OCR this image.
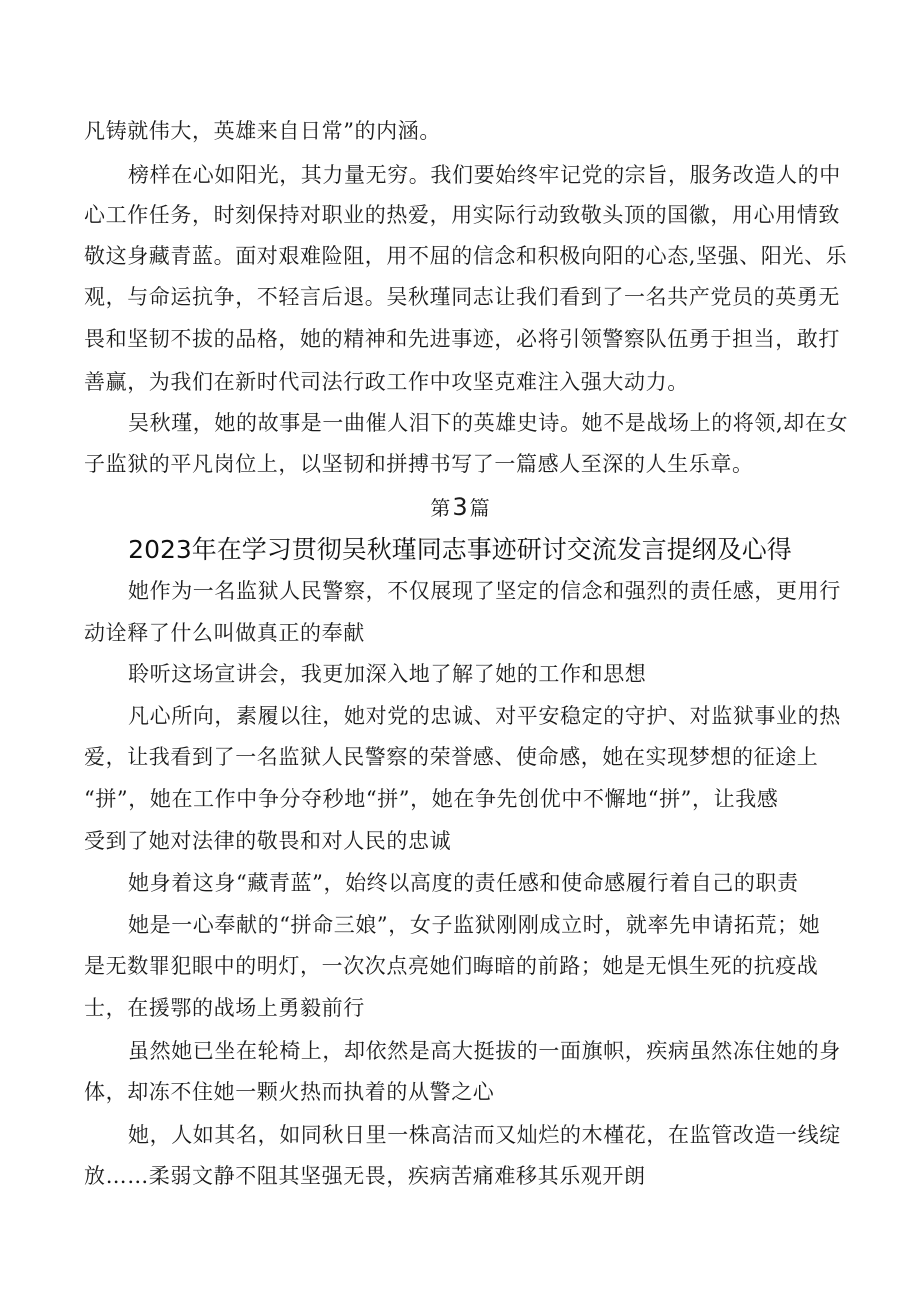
凡铸就伟大，英雄来自日常”的内涵。
榜样在心如阳光，其力量无穷。我们要始终牢记党的宗旨，服务改造人的中
心工作任务，时刻保持对职业的热爱，用实际行动致敬头顶的国徽，用心用情致
敬这身藏青蓝。面对艰难险阻，用不屈的信念和积极向阳的心态,坚强、阳光、乐
观，与命运抗争，不轻言后退。吴秋瑾同志让我们看到了一名共产党员的英勇无
畏和坚韧不拔的品格，她的精神和先进事迹，必将引领警察队伍勇于担当，敢打
善赢，为我们在新时代司法行政工作中攻坚克难注入强大动力。
吴秋瑾，她的故事是一曲催人泪下的英雄史诗。她不是战场上的将领,却在女
子监狱的平凡岗位上，以坚韧和拼搏书写了一篇感人至深的人生乐章。
第3 篇
2023年在学习贯彻吴秋瑾同志事迹研讨交流发言提纲及心得
她作为一名监狱人民警察，不仅展现了坚定的信念和强烈的责任感，更用行
动诠释了什么叫做真正的奉献
聆听这场宣讲会，我更加深入地了解了她的工作和思想
凡心所向，素履以往，她对党的忠诚、对平安稳定的守护、对监狱事业的热
爱，让我看到了一名监狱人民警察的荣誉感、使命感，她在实现梦想的征途上
“拼”，她在工作中争分夺秒地“拼”，她在争先创优中不懈地“拼”，让我感
受到了她对法律的敬畏和对人民的忠诚
她身着这身“藏青蓝”，始终以高度的责任感和使命感履行着自己的职责
她是一心奉献的“拼命三娘”，女子监狱刚刚成立时，就率先申请拓荒；她
是无数罪犯眼中的明灯，一次次点亮她们晦暗的前路；她是无惧生死的抗疫战
士，在援鄂的战场上勇毅前行
虽然她已坐在轮椅上，却依然是高大挺拔的一面旗帜，疾病虽然冻住她的身
体，却冻不住她一颗火热而执着的从警之心
她，人如其名，如同秋日里一株高洁而又灿烂的木槿花，在监管改造一线绽
放……柔弱文静不阻其坚强无畏，疾病苦痛难移其乐观开朗
